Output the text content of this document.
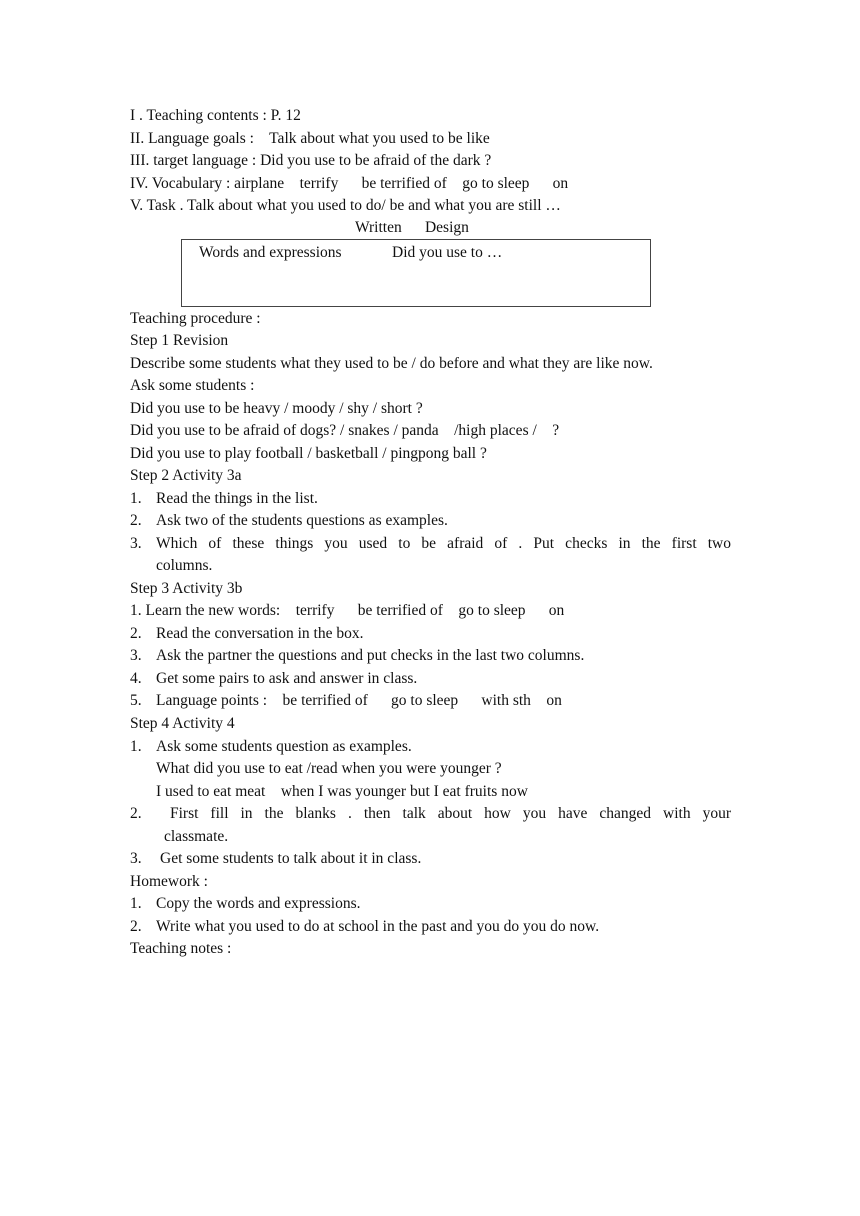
I . Teaching contents : P. 12
II. Language goals :    Talk about what you used to be like
III. target language : Did you use to be afraid of the dark ?
IV. Vocabulary : airplane    terrify      be terrified of    go to sleep      on
V. Task . Talk about what you used to do/ be and what you are still …
Written      Design
Words and expressions	Did you use to …
Teaching procedure :
Step 1 Revision
Describe some students what they used to be / do before and what they are like now.
Ask some students :
Did you use to be heavy / moody / shy / short ?
Did you use to be afraid of dogs? / snakes / panda    /high places /    ?
Did you use to play football / basketball / pingpong ball ?
Step 2 Activity 3a
1. Read the things in the list.
2. Ask two of the students questions as examples.
3. Which of these things you used to be afraid of . Put checks in the first two
columns.
Step 3 Activity 3b
1. Learn the new words:    terrify      be terrified of    go to sleep      on
2. Read the conversation in the box.
3. Ask the partner the questions and put checks in the last two columns.
4. Get some pairs to ask and answer in class.
5. Language points :    be terrified of      go to sleep      with sth    on
Step 4 Activity 4
1. Ask some students question as examples.
What did you use to eat /read when you were younger ?
I used to eat meat    when I was younger but I eat fruits now
2. First fill in the blanks . then talk about how you have changed with your
classmate.
3. Get some students to talk about it in class.
Homework :
1. Copy the words and expressions.
2. Write what you used to do at school in the past and you do you do now.
Teaching notes :
